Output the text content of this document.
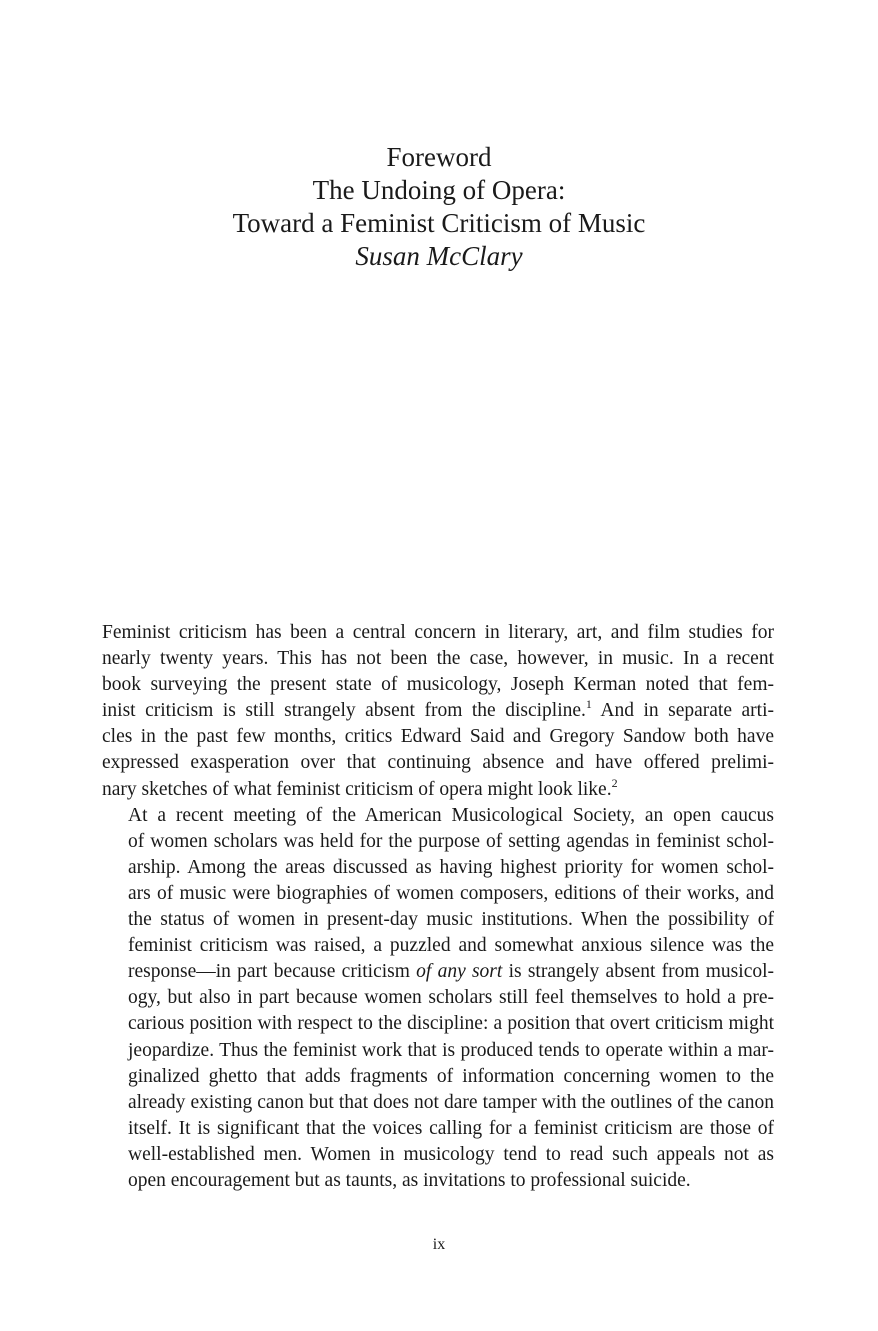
Foreword
The Undoing of Opera:
Toward a Feminist Criticism of Music
Susan McClary

Feminist criticism has been a central concern in literary, art, and film studies for
nearly twenty years. This has not been the case, however, in music. In a recent
book surveying the present state of musicology, Joseph Kerman noted that fem-
inist criticism is still strangely absent from the discipline.$^1$ And in separate arti-
cles in the past few months, critics Edward Said and Gregory Sandow both have
expressed exasperation over that continuing absence and have offered prelimi-
nary sketches of what feminist criticism of opera might look like.$^2$

At a recent meeting of the American Musicological Society, an open caucus
of women scholars was held for the purpose of setting agendas in feminist schol-
arship. Among the areas discussed as having highest priority for women schol-
ars of music were biographies of women composers, editions of their works, and
the status of women in present-day music institutions. When the possibility of
feminist criticism was raised, a puzzled and somewhat anxious silence was the
response—in part because criticism of any sort is strangely absent from musicol-
ogy, but also in part because women scholars still feel themselves to hold a pre-
carious position with respect to the discipline: a position that overt criticism might
jeopardize. Thus the feminist work that is produced tends to operate within a mar-
ginalized ghetto that adds fragments of information concerning women to the
already existing canon but that does not dare tamper with the outlines of the canon
itself. It is significant that the voices calling for a feminist criticism are those of
well-established men. Women in musicology tend to read such appeals not as
open encouragement but as taunts, as invitations to professional suicide.

ix
